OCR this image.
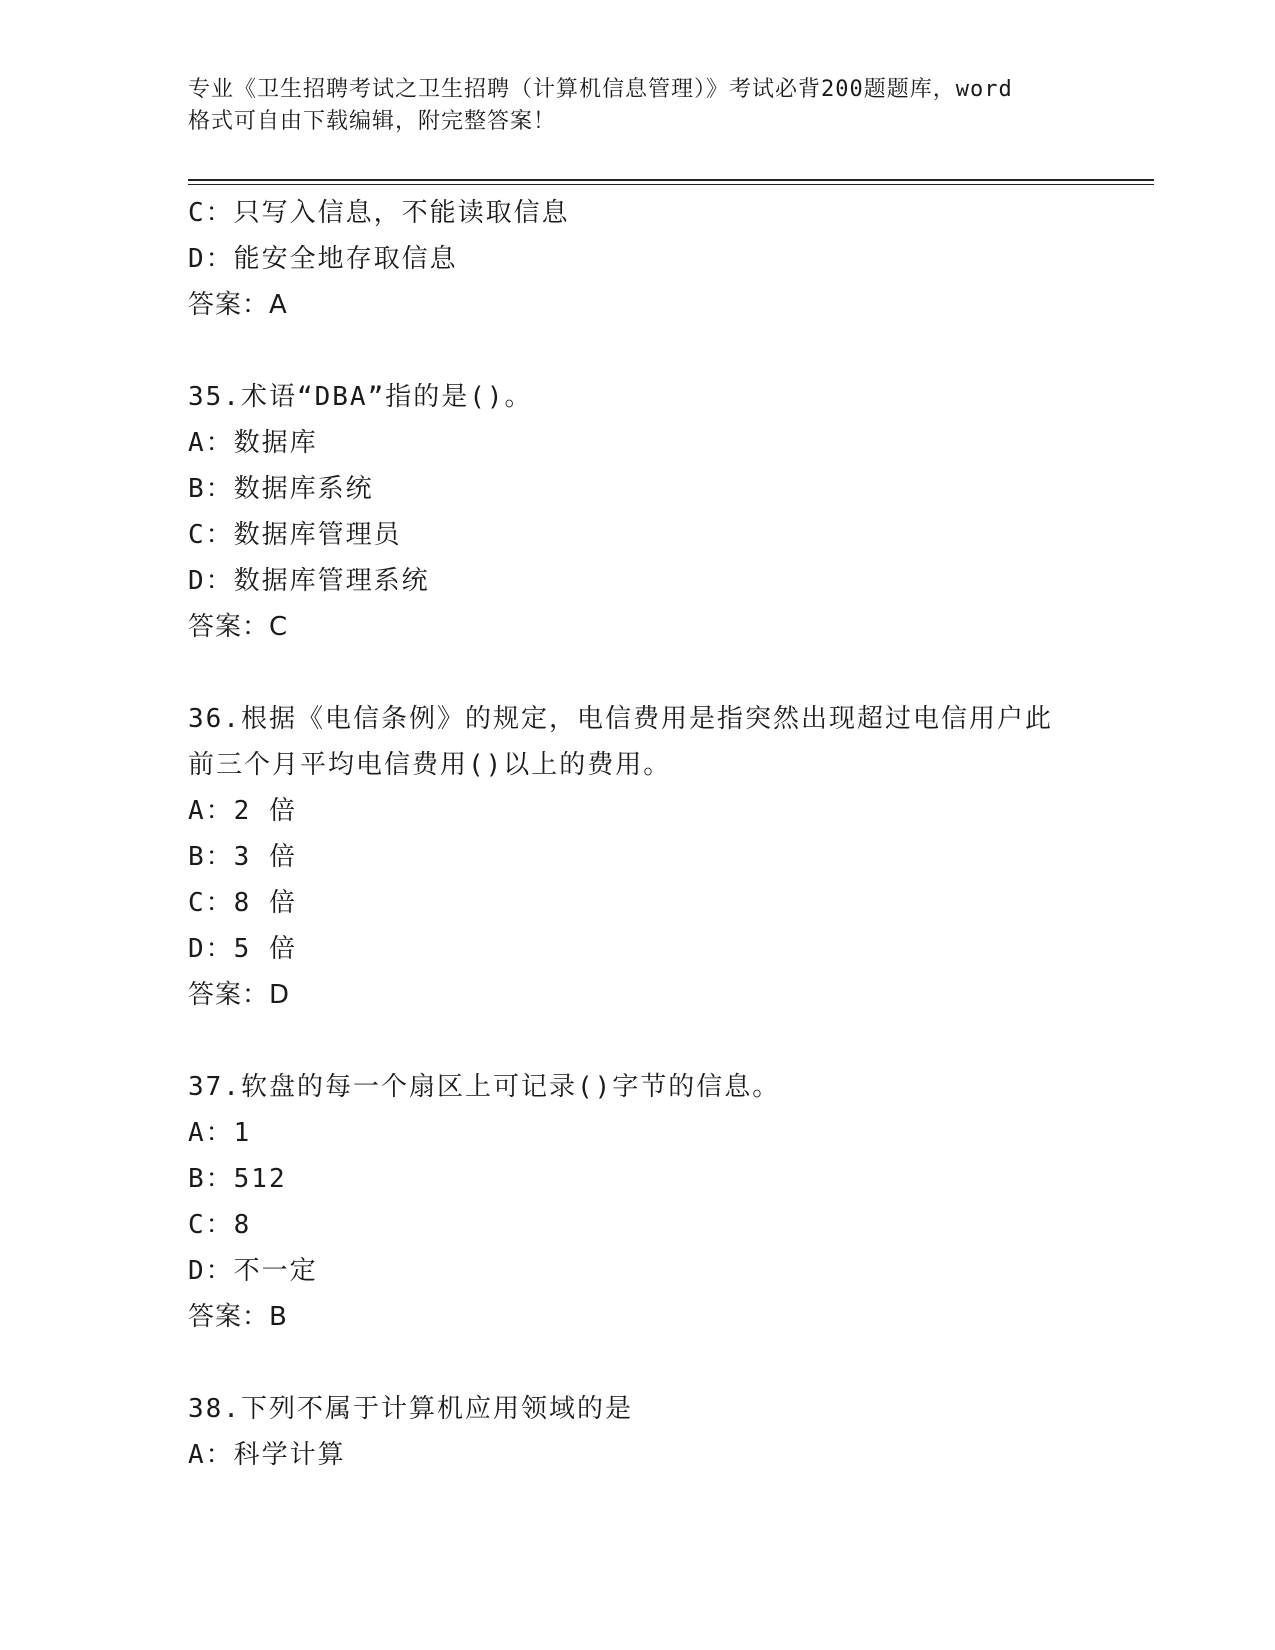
专业《卫生招聘考试之卫生招聘（计算机信息管理）》考试必背200题题库，word
格式可自由下载编辑，附完整答案！
C：只写入信息，不能读取信息
D：能安全地存取信息
答案：A
35.术语“DBA”指的是()。
A：数据库
B：数据库系统
C：数据库管理员
D：数据库管理系统
答案：C
36.根据《电信条例》的规定，电信费用是指突然出现超过电信用户此
前三个月平均电信费用()以上的费用。
A：2 倍
B：3 倍
C：8 倍
D：5 倍
答案：D
37.软盘的每一个扇区上可记录()字节的信息。
A：1
B：512
C：8
D：不一定
答案：B
38.下列不属于计算机应用领域的是
A：科学计算
